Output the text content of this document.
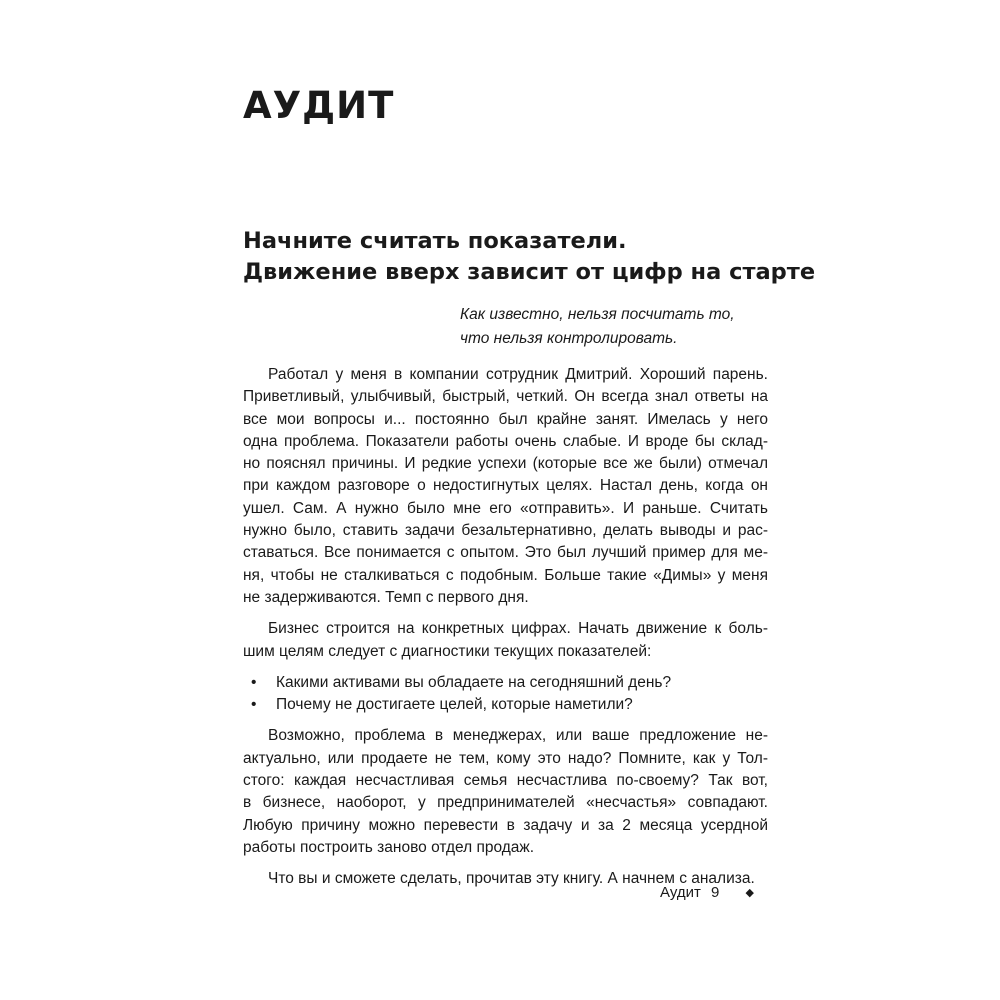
АУДИТ
Начните считать показатели.
Движение вверх зависит от цифр на старте
Как известно, нельзя посчитать то,
что нельзя контролировать.

Работал у меня в компании сотрудник Дмитрий. Хороший парень.
Приветливый, улыбчивый, быстрый, четкий. Он всегда знал ответы на
все мои вопросы и... постоянно был крайне занят. Имелась у него
одна проблема. Показатели работы очень слабые. И вроде бы склад-
но пояснял причины. И редкие успехи (которые все же были) отмечал
при каждом разговоре о недостигнутых целях. Настал день, когда он
ушел. Сам. А нужно было мне его «отправить». И раньше. Считать
нужно было, ставить задачи безальтернативно, делать выводы и рас-
ставаться. Все понимается с опытом. Это был лучший пример для ме-
ня, чтобы не сталкиваться с подобным. Больше такие «Димы» у меня
не задерживаются. Темп с первого дня.

Бизнес строится на конкретных цифрах. Начать движение к боль-
шим целям следует с диагностики текущих показателей:

• Какими активами вы обладаете на сегодняшний день?
• Почему не достигаете целей, которые наметили?

Возможно, проблема в менеджерах, или ваше предложение не-
актуально, или продаете не тем, кому это надо? Помните, как у Тол-
стого: каждая несчастливая семья несчастлива по-своему? Так вот,
в бизнесе, наоборот, у предпринимателей «несчастья» совпадают.
Любую причину можно перевести в задачу и за 2 месяца усердной
работы построить заново отдел продаж.

Что вы и сможете сделать, прочитав эту книгу. А начнем с анализа.

Аудит 9 ◆
